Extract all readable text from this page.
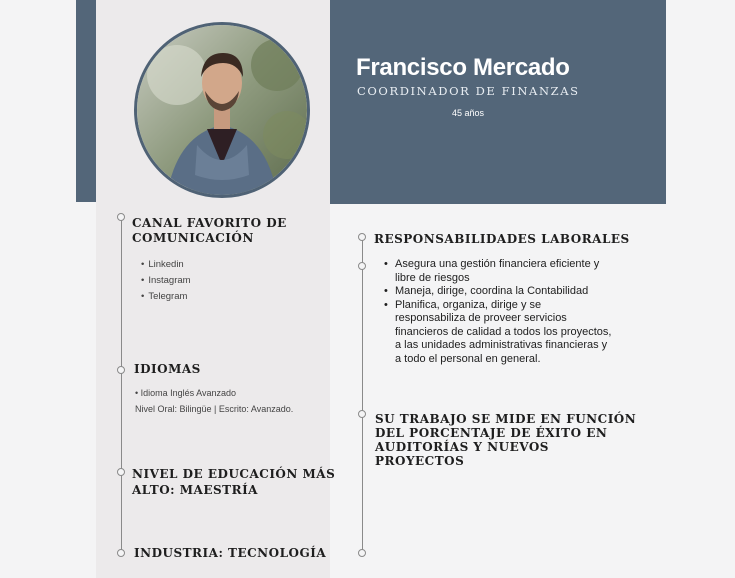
Francisco Mercado
COORDINADOR DE FINANZAS
45 años
CANAL FAVORITO DE
COMUNICACIÓN
• Linkedin
• Instagram
• Telegram
IDIOMAS
• Idioma Inglés Avanzado
Nivel Oral: Bilingüe | Escrito: Avanzado.
NIVEL DE EDUCACIÓN MÁS
ALTO: MAESTRÍA
INDUSTRIA: TECNOLOGÍA
RESPONSABILIDADES LABORALES
• Asegura una gestión financiera eficiente y libre de riesgos
• Maneja, dirige, coordina la Contabilidad
• Planifica, organiza, dirige y se responsabiliza de proveer servicios financieros de calidad a todos los proyectos, a las unidades administrativas financieras y a todo el personal en general.
SU TRABAJO SE MIDE EN FUNCIÓN
DEL PORCENTAJE DE ÉXITO EN
AUDITORÍAS Y NUEVOS
PROYECTOS
